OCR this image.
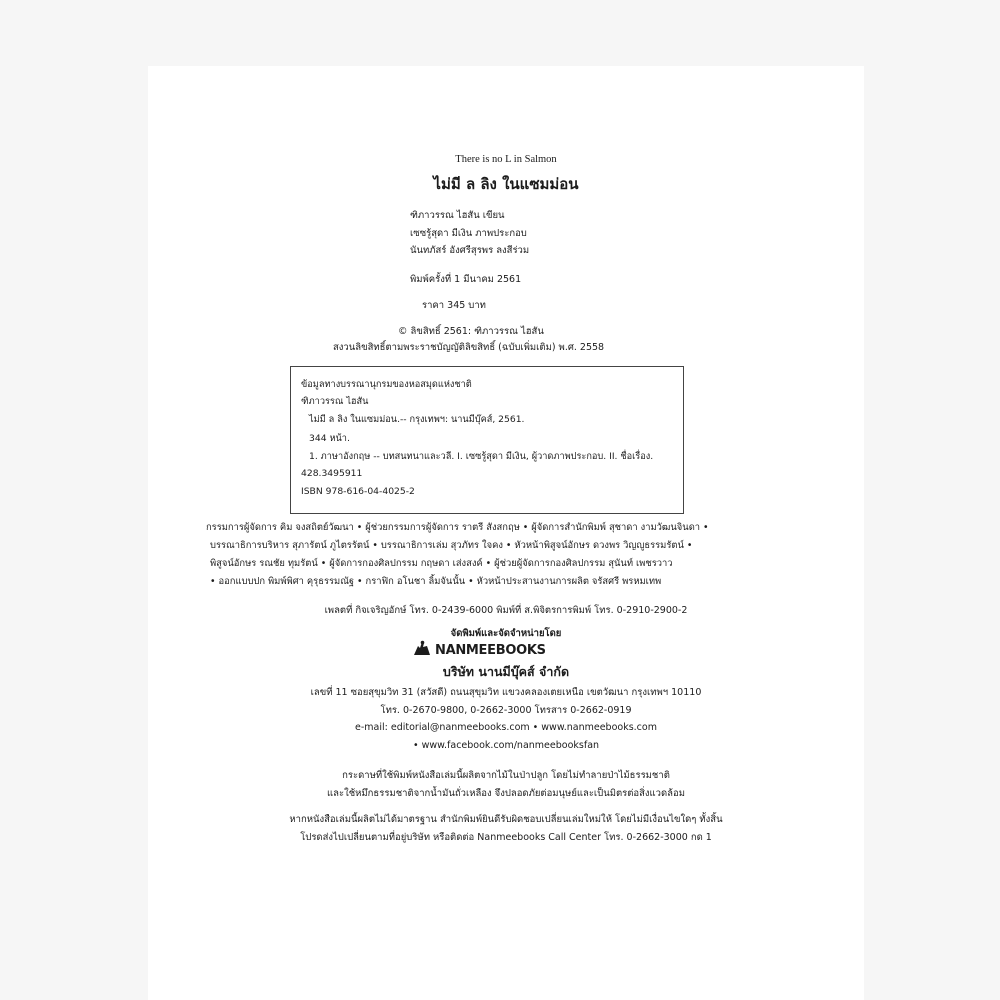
There is no L in Salmon
ไม่มี ล ลิง ในแซมม่อน
ฑิภาวรรณ ไฮสัน เขียน
เซซรู้สุดา มีเงิน ภาพประกอบ
นันทภัสร์ อังศรีสุรพร ลงสีร่วม
พิมพ์ครั้งที่ 1 มีนาคม 2561
ราคา 345 บาท
© ลิขสิทธิ์ 2561: ฑิภาวรรณ ไฮสัน
สงวนลิขสิทธิ์ตามพระราชบัญญัติลิขสิทธิ์ (ฉบับเพิ่มเติม) พ.ศ. 2558
ข้อมูลทางบรรณานุกรมของหอสมุดแห่งชาติ
ฑิภาวรรณ ไฮสัน
ไม่มี ล ลิง ในแซมม่อน.-- กรุงเทพฯ: นานมีบุ๊คส์, 2561.
344 หน้า.
1. ภาษาอังกฤษ -- บทสนทนาและวลี. I. เซซรู้สุดา มีเงิน, ผู้วาดภาพประกอบ. II. ชื่อเรื่อง.
428.3495911
ISBN 978-616-04-4025-2
กรรมการผู้จัดการ คิม จงสถิตย์วัฒนา • ผู้ช่วยกรรมการผู้จัดการ ราตรี สังสกฤษ • ผู้จัดการสำนักพิมพ์ สุชาดา งามวัฒนจินดา •
บรรณาธิการบริหาร สุภารัตน์ ภูไตรรัตน์ • บรรณาธิการเล่ม สุวภัทร ใจคง • หัวหน้าพิสูจน์อักษร ดวงพร วิญญูธรรมรัตน์ •
พิสูจน์อักษร รณชัย ทุมรัตน์ • ผู้จัดการกองศิลปกรรม กฤษดา เส่งสงค์ • ผู้ช่วยผู้จัดการกองศิลปกรรม สุนันท์ เพชรวาว
• ออกแบบปก พิมพ์พิศา คุรุธรรมณัฐ • กราฟิก อโนชา ลิ้มจันนั้น • หัวหน้าประสานงานการผลิต จรัสศรี พรหมเทพ
เพลตที่ กิจเจริญอักษ์ โทร. 0-2439-6000 พิมพ์ที่ ส.พิจิตรการพิมพ์ โทร. 0-2910-2900-2
จัดพิมพ์และจัดจำหน่ายโดย
NANMEEBOOKS
บริษัท นานมีบุ๊คส์ จำกัด
เลขที่ 11 ซอยสุขุมวิท 31 (สวัสดี) ถนนสุขุมวิท แขวงคลองเตยเหนือ เขตวัฒนา กรุงเทพฯ 10110
โทร. 0-2670-9800, 0-2662-3000 โทรสาร 0-2662-0919
e-mail: editorial@nanmeebooks.com • www.nanmeebooks.com
• www.facebook.com/nanmeebooksfan
กระดาษที่ใช้พิมพ์หนังสือเล่มนี้ผลิตจากไม้ในป่าปลูก โดยไม่ทำลายป่าไม้ธรรมชาติ
และใช้หมึกธรรมชาติจากน้ำมันถั่วเหลือง จึงปลอดภัยต่อมนุษย์และเป็นมิตรต่อสิ่งแวดล้อม
หากหนังสือเล่มนี้ผลิตไม่ได้มาตรฐาน สำนักพิมพ์ยินดีรับผิดชอบเปลี่ยนเล่มใหม่ให้ โดยไม่มีเงื่อนไขใดๆ ทั้งสิ้น
โปรดส่งไปเปลี่ยนตามที่อยู่บริษัท หรือติดต่อ Nanmeebooks Call Center โทร. 0-2662-3000 กด 1
